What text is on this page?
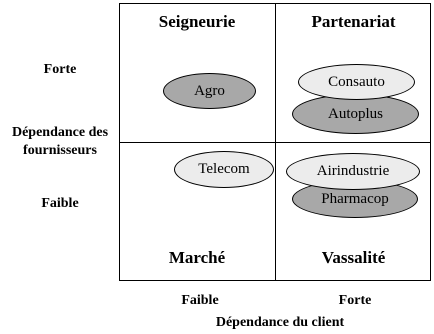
Seigneurie	Partenariat
Marché	Vassalité
Forte
Dépendance des
fournisseurs
Faible
Faible	Forte
Dépendance du client
Agro
Autoplus
Consauto
Telecom
Pharmacop
Airindustrie
